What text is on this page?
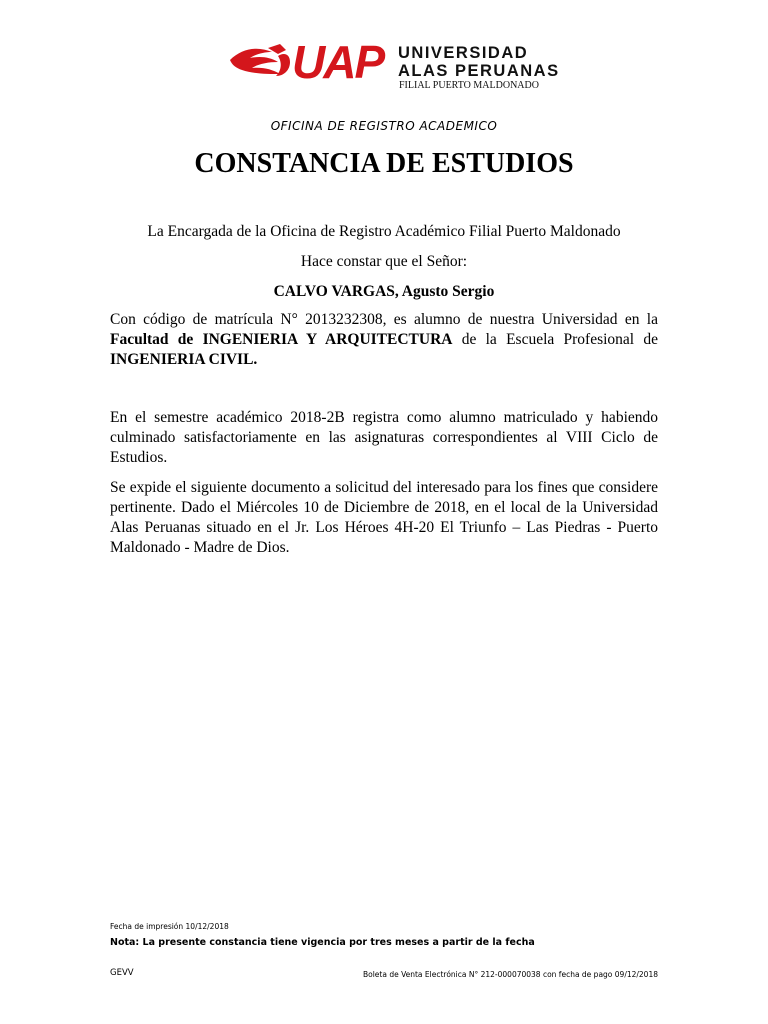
UAP UNIVERSIDAD
ALAS PERUANAS
FILIAL PUERTO MALDONADO

OFICINA DE REGISTRO ACADEMICO

CONSTANCIA DE ESTUDIOS

La Encargada de la Oficina de Registro Académico Filial Puerto Maldonado

Hace constar que el Señor:

CALVO VARGAS, Agusto Sergio

Con código de matrícula N° 2013232308, es alumno de nuestra Universidad en la Facultad de INGENIERIA Y ARQUITECTURA de la Escuela Profesional de INGENIERIA CIVIL.

En el semestre académico 2018-2B registra como alumno matriculado y habiendo culminado satisfactoriamente en las asignaturas correspondientes al VIII Ciclo de Estudios.

Se expide el siguiente documento a solicitud del interesado para los fines que considere pertinente. Dado el Miércoles 10 de Diciembre de 2018, en el local de la Universidad Alas Peruanas situado en el Jr. Los Héroes 4H-20 El Triunfo – Las Piedras - Puerto Maldonado - Madre de Dios.

Fecha de impresión 10/12/2018

Nota: La presente constancia tiene vigencia por tres meses a partir de la fecha

GEVV	Boleta de Venta Electrónica N° 212-000070038 con fecha de pago 09/12/2018
